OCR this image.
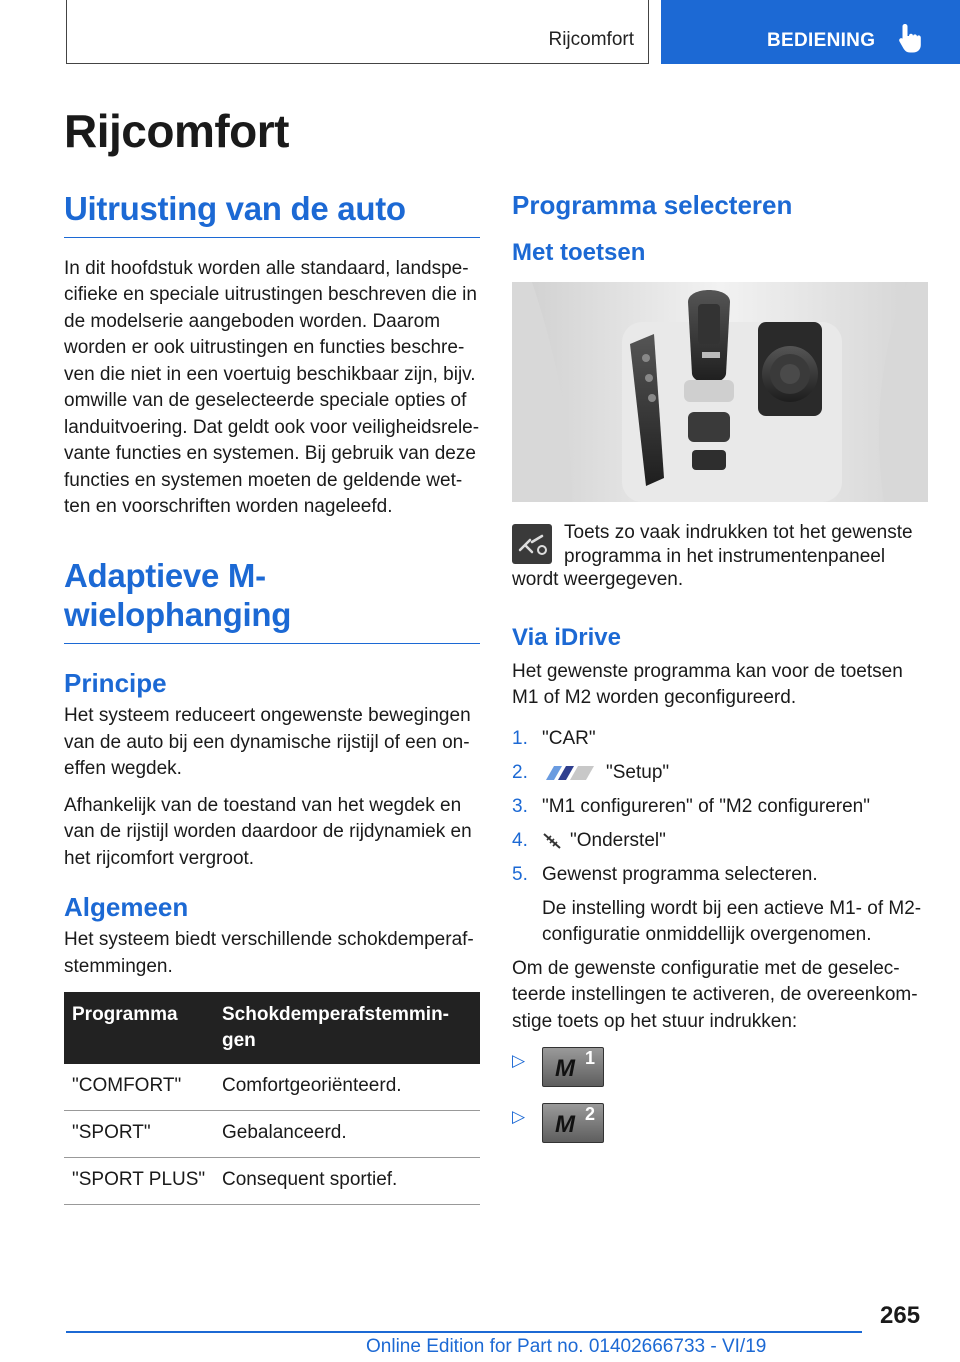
Rijcomfort	BEDIENING
Rijcomfort
Uitrusting van de auto

In dit hoofdstuk worden alle standaard, landspe-cifieke en speciale uitrustingen beschreven die in de modelserie aangeboden worden. Daarom worden er ook uitrustingen en functies beschre-ven die niet in een voertuig beschikbaar zijn, bijv. omwille van de geselecteerde speciale opties of landuitvoering. Dat geldt ook voor veiligheidsrele-vante functies en systemen. Bij gebruik van deze functies en systemen moeten de geldende wet-ten en voorschriften worden nageleefd.

Adaptieve M-
wielophanging
Principe

Het systeem reduceert ongewenste bewegingen van de auto bij een dynamische rijstijl of een on-effen wegdek.

Afhankelijk van de toestand van het wegdek en van de rijstijl worden daardoor de rijdynamiek en het rijcomfort vergroot.

Algemeen

Het systeem biedt verschillende schokdemperaf-stemmingen.

Programma	Schokdemperafstemmin-gen
"COMFORT"	Comfortgeoriënteerd.
"SPORT"	Gebalanceerd.
"SPORT PLUS"	Consequent sportief.
Programma selecteren
Met toetsen
Toets zo vaak indrukken tot het gewenste
programma in het instrumentenpaneel
wordt weergegeven.
Via iDrive

Het gewenste programma kan voor de toetsen M1 of M2 worden geconfigureerd.

1. "CAR"
2.	"Setup"
3. "M1 configureren" of "M2 configureren"
4. "Onderstel"
5. Gewenst programma selecteren.
De instelling wordt bij een actieve M1- of M2-configuratie onmiddellijk overgenomen.

Om de gewenste configuratie met de geselec-teerde instellingen te activeren, de overeenkom-stige toets op het stuur indrukken:

▷ M 1
▷ M 2
265
Online Edition for Part no. 01402666733 - VI/19
